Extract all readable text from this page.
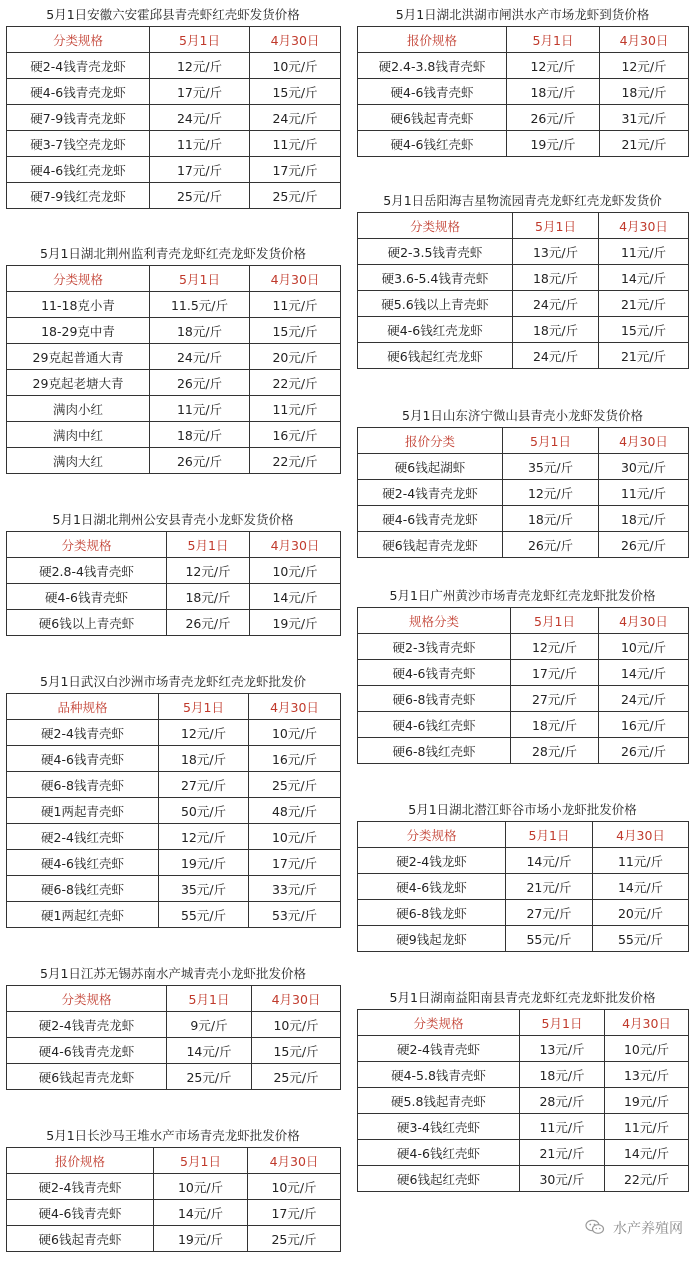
5月1日安徽六安霍邱县青壳虾红壳虾发货价格
分类规格	5月1日	4月30日
硬2-4钱青壳龙虾	12元/斤	10元/斤
硬4-6钱青壳龙虾	17元/斤	15元/斤
硬7-9钱青壳龙虾	24元/斤	24元/斤
硬3-7钱空壳龙虾	11元/斤	11元/斤
硬4-6钱红壳龙虾	17元/斤	17元/斤
硬7-9钱红壳龙虾	25元/斤	25元/斤
5月1日湖北荆州监利青壳龙虾红壳龙虾发货价格
分类规格	5月1日	4月30日
11-18克小青	11.5元/斤	11元/斤
18-29克中青	18元/斤	15元/斤
29克起普通大青	24元/斤	20元/斤
29克起老塘大青	26元/斤	22元/斤
满肉小红	11元/斤	11元/斤
满肉中红	18元/斤	16元/斤
满肉大红	26元/斤	22元/斤
5月1日湖北荆州公安县青壳小龙虾发货价格
分类规格	5月1日	4月30日
硬2.8-4钱青壳虾	12元/斤	10元/斤
硬4-6钱青壳虾	18元/斤	14元/斤
硬6钱以上青壳虾	26元/斤	19元/斤
5月1日武汉白沙洲市场青壳龙虾红壳龙虾批发价
品种规格	5月1日	4月30日
硬2-4钱青壳虾	12元/斤	10元/斤
硬4-6钱青壳虾	18元/斤	16元/斤
硬6-8钱青壳虾	27元/斤	25元/斤
硬1两起青壳虾	50元/斤	48元/斤
硬2-4钱红壳虾	12元/斤	10元/斤
硬4-6钱红壳虾	19元/斤	17元/斤
硬6-8钱红壳虾	35元/斤	33元/斤
硬1两起红壳虾	55元/斤	53元/斤
5月1日江苏无锡苏南水产城青壳小龙虾批发价格
分类规格	5月1日	4月30日
硬2-4钱青壳龙虾	9元/斤	10元/斤
硬4-6钱青壳龙虾	14元/斤	15元/斤
硬6钱起青壳龙虾	25元/斤	25元/斤
5月1日长沙马王堆水产市场青壳龙虾批发价格
报价规格	5月1日	4月30日
硬2-4钱青壳虾	10元/斤	10元/斤
硬4-6钱青壳虾	14元/斤	17元/斤
硬6钱起青壳虾	19元/斤	25元/斤
5月1日湖北洪湖市闸洪水产市场龙虾到货价格
报价规格	5月1日	4月30日
硬2.4-3.8钱青壳虾	12元/斤	12元/斤
硬4-6钱青壳虾	18元/斤	18元/斤
硬6钱起青壳虾	26元/斤	31元/斤
硬4-6钱红壳虾	19元/斤	21元/斤
5月1日岳阳海吉星物流园青壳龙虾红壳龙虾发货价
分类规格	5月1日	4月30日
硬2-3.5钱青壳虾	13元/斤	11元/斤
硬3.6-5.4钱青壳虾	18元/斤	14元/斤
硬5.6钱以上青壳虾	24元/斤	21元/斤
硬4-6钱红壳龙虾	18元/斤	15元/斤
硬6钱起红壳龙虾	24元/斤	21元/斤
5月1日山东济宁微山县青壳小龙虾发货价格
报价分类	5月1日	4月30日
硬6钱起湖虾	35元/斤	30元/斤
硬2-4钱青壳龙虾	12元/斤	11元/斤
硬4-6钱青壳龙虾	18元/斤	18元/斤
硬6钱起青壳龙虾	26元/斤	26元/斤
5月1日广州黄沙市场青壳龙虾红壳龙虾批发价格
规格分类	5月1日	4月30日
硬2-3钱青壳虾	12元/斤	10元/斤
硬4-6钱青壳虾	17元/斤	14元/斤
硬6-8钱青壳虾	27元/斤	24元/斤
硬4-6钱红壳虾	18元/斤	16元/斤
硬6-8钱红壳虾	28元/斤	26元/斤
5月1日湖北潜江虾谷市场小龙虾批发价格
分类规格	5月1日	4月30日
硬2-4钱龙虾	14元/斤	11元/斤
硬4-6钱龙虾	21元/斤	14元/斤
硬6-8钱龙虾	27元/斤	20元/斤
硬9钱起龙虾	55元/斤	55元/斤
5月1日湖南益阳南县青壳龙虾红壳龙虾批发价格
分类规格	5月1日	4月30日
硬2-4钱青壳虾	13元/斤	10元/斤
硬4-5.8钱青壳虾	18元/斤	13元/斤
硬5.8钱起青壳虾	28元/斤	19元/斤
硬3-4钱红壳虾	11元/斤	11元/斤
硬4-6钱红壳虾	21元/斤	14元/斤
硬6钱起红壳虾	30元/斤	22元/斤
水产养殖网
